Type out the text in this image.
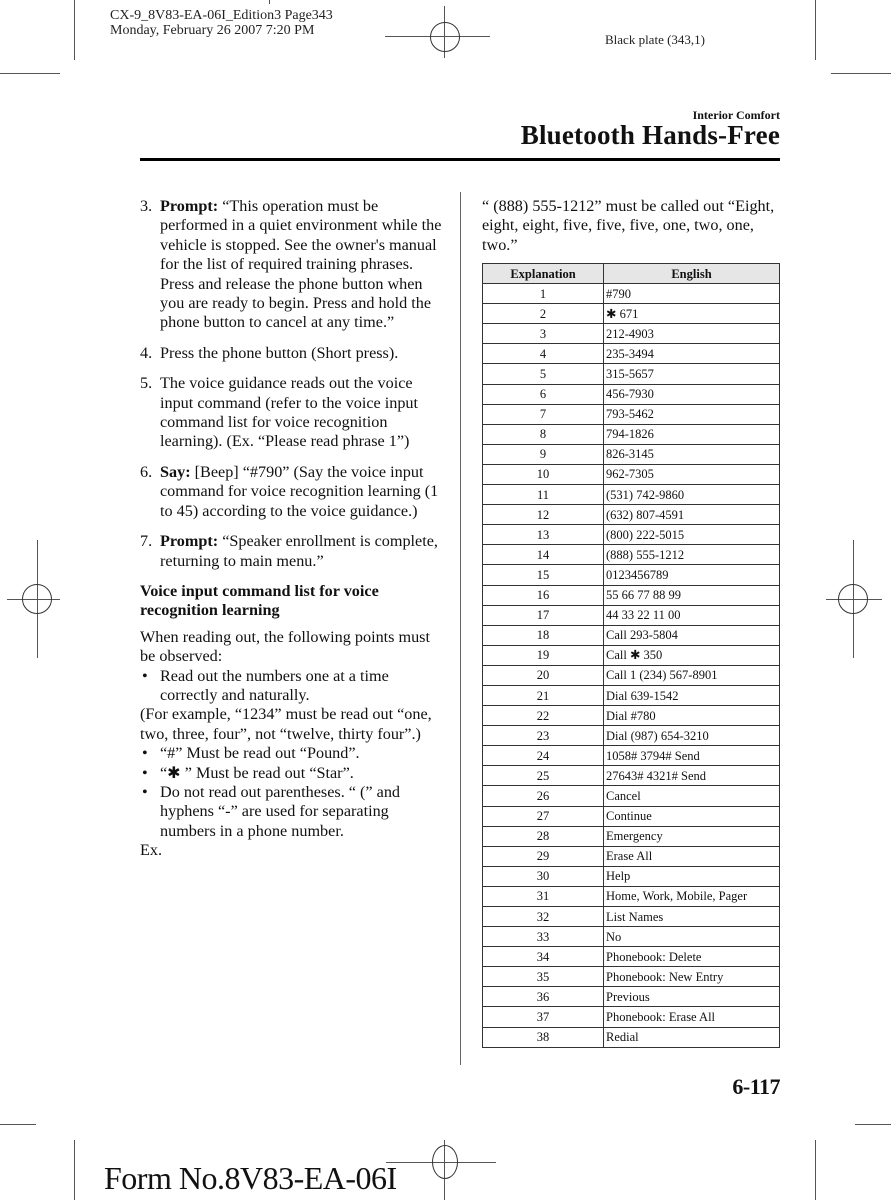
CX-9_8V83-EA-06I_Edition3 Page343
Monday, February 26 2007 7:20 PM
Black plate (343,1)
Interior Comfort
Bluetooth Hands-Free
3. Prompt: “This operation must be performed in a quiet environment while the vehicle is stopped. See the owner's manual for the list of required training phrases. Press and release the phone button when you are ready to begin. Press and hold the phone button to cancel at any time.”
4. Press the phone button (Short press).
5. The voice guidance reads out the voice input command (refer to the voice input command list for voice recognition learning). (Ex. “Please read phrase 1”)
6. Say: [Beep] “#790” (Say the voice input command for voice recognition learning (1 to 45) according to the voice guidance.)
7. Prompt: “Speaker enrollment is complete, returning to main menu.”
Voice input command list for voice recognition learning

When reading out, the following points must be observed:

• Read out the numbers one at a time correctly and naturally.

(For example, “1234” must be read out “one, two, three, four”, not “twelve, thirty four”.)

• “#” Must be read out “Pound”.
• “✱ ” Must be read out “Star”.
• Do not read out parentheses. “ (” and hyphens “-” are used for separating numbers in a phone number.

Ex.

“ (888) 555-1212” must be called out “Eight, eight, eight, five, five, five, one, two, one, two.”
Explanation	English
1	#790
2	✱ 671
3	212-4903
4	235-3494
5	315-5657
6	456-7930
7	793-5462
8	794-1826
9	826-3145
10	962-7305
11	(531) 742-9860
12	(632) 807-4591
13	(800) 222-5015
14	(888) 555-1212
15	0123456789
16	55 66 77 88 99
17	44 33 22 11 00
18	Call 293-5804
19	Call ✱ 350
20	Call 1 (234) 567-8901
21	Dial 639-1542
22	Dial #780
23	Dial (987) 654-3210
24	1058# 3794# Send
25	27643# 4321# Send
26	Cancel
27	Continue
28	Emergency
29	Erase All
30	Help
31	Home, Work, Mobile, Pager
32	List Names
33	No
34	Phonebook: Delete
35	Phonebook: New Entry
36	Previous
37	Phonebook: Erase All
38	Redial
6-117
Form No.8V83-EA-06I
